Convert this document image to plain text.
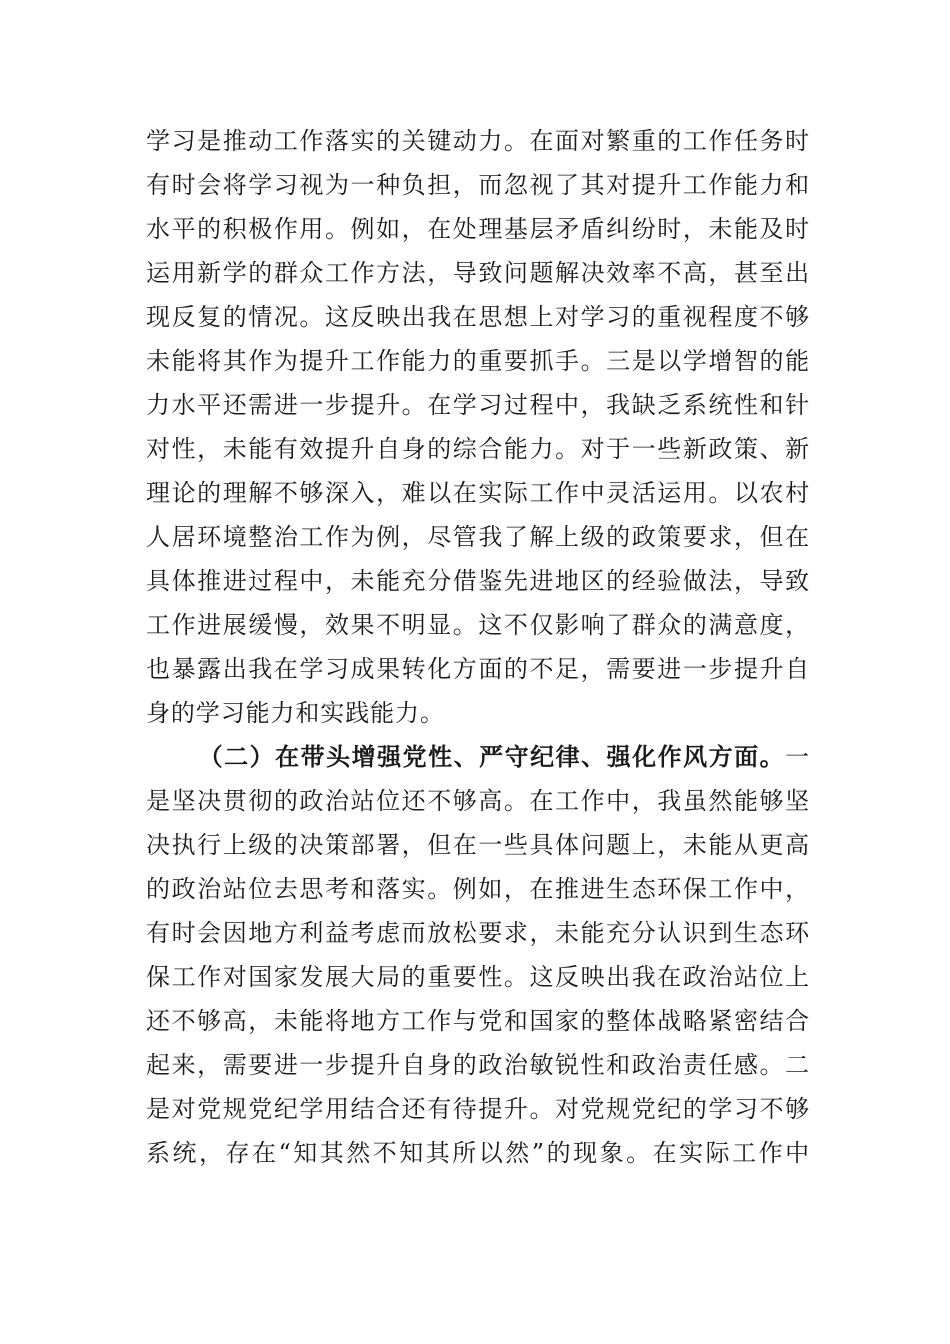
学习是推动工作落实的关键动力。在面对繁重的工作任务时
有时会将学习视为一种负担，而忽视了其对提升工作能力和
水平的积极作用。例如，在处理基层矛盾纠纷时，未能及时
运用新学的群众工作方法，导致问题解决效率不高，甚至出
现反复的情况。这反映出我在思想上对学习的重视程度不够
未能将其作为提升工作能力的重要抓手。三是以学增智的能
力水平还需进一步提升。在学习过程中，我缺乏系统性和针
对性，未能有效提升自身的综合能力。对于一些新政策、新
理论的理解不够深入，难以在实际工作中灵活运用。以农村
人居环境整治工作为例，尽管我了解上级的政策要求，但在
具体推进过程中，未能充分借鉴先进地区的经验做法，导致
工作进展缓慢，效果不明显。这不仅影响了群众的满意度，
也暴露出我在学习成果转化方面的不足，需要进一步提升自
身的学习能力和实践能力。
（二）在带头增强党性、严守纪律、强化作风方面。一
是坚决贯彻的政治站位还不够高。在工作中，我虽然能够坚
决执行上级的决策部署，但在一些具体问题上，未能从更高
的政治站位去思考和落实。例如，在推进生态环保工作中，
有时会因地方利益考虑而放松要求，未能充分认识到生态环
保工作对国家发展大局的重要性。这反映出我在政治站位上
还不够高，未能将地方工作与党和国家的整体战略紧密结合
起来，需要进一步提升自身的政治敏锐性和政治责任感。二
是对党规党纪学用结合还有待提升。对党规党纪的学习不够
系统，存在“知其然不知其所以然”的现象。在实际工作中
